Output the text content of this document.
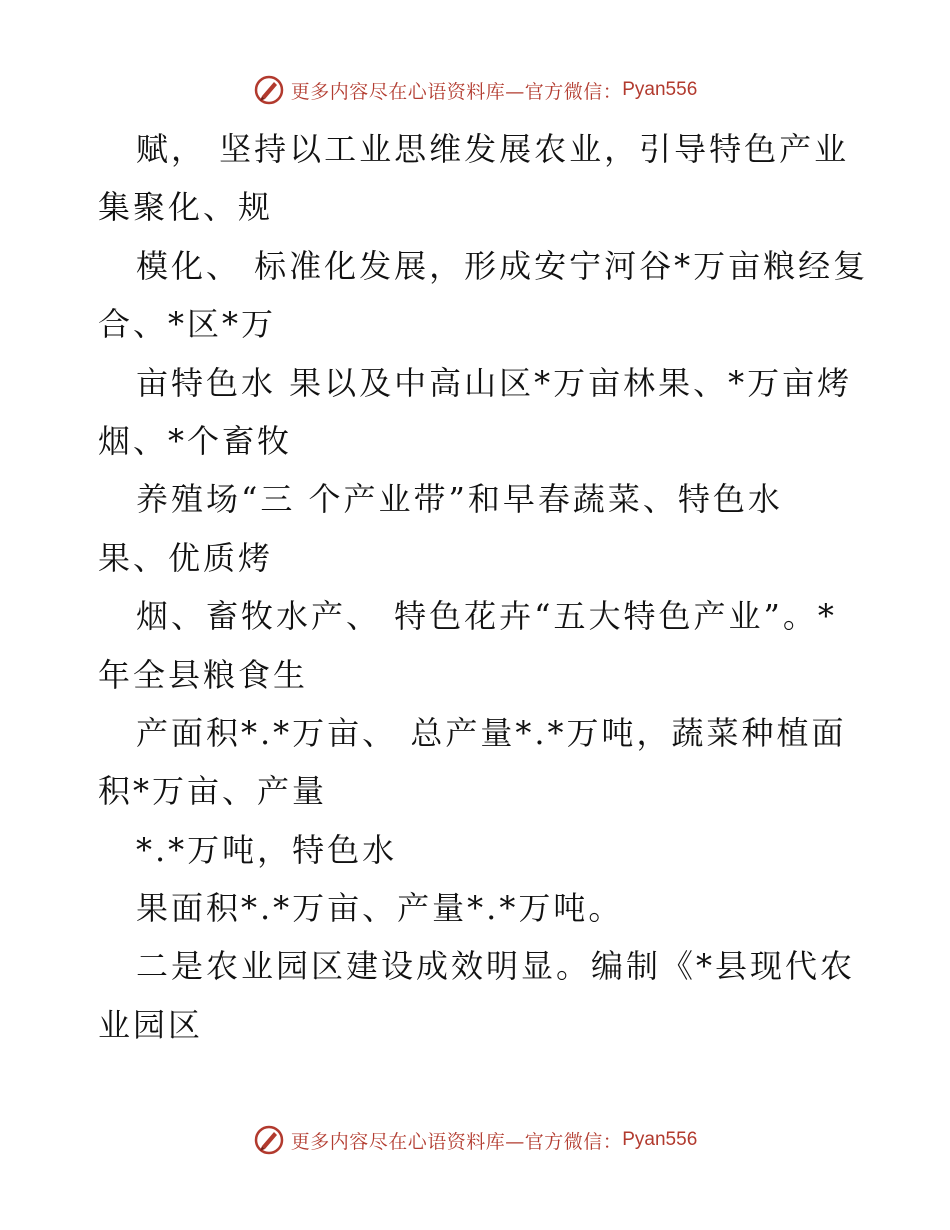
更多内容尽在心语资料库—官方微信： Pyan556
赋， 坚持以工业思维发展农业，引导特色产业
集聚化、规
模化、 标准化发展，形成安宁河谷*万亩粮经复
合、*区*万
亩特色水 果以及中高山区*万亩林果、*万亩烤
烟、*个畜牧
养殖场“三 个产业带”和早春蔬菜、特色水
果、优质烤
烟、畜牧水产、 特色花卉“五大特色产业”。*
年全县粮食生
产面积*.*万亩、 总产量*.*万吨，蔬菜种植面
积*万亩、产量
*.*万吨，特色水
果面积*.*万亩、产量*.*万吨。
二是农业园区建设成效明显。编制《*县现代农
业园区
更多内容尽在心语资料库—官方微信： Pyan556
